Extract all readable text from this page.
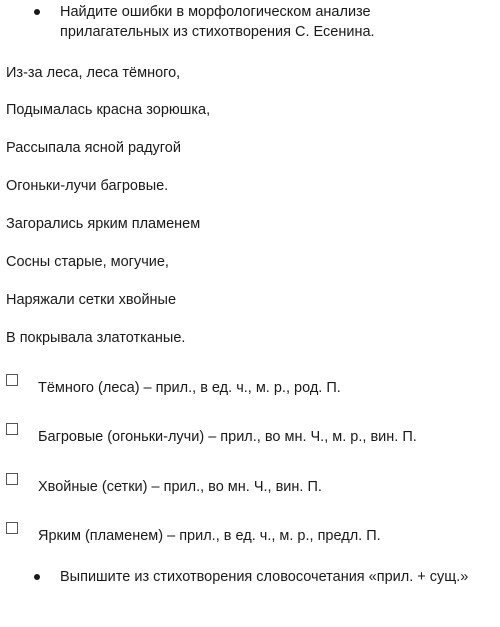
Найдите ошибки в морфологическом анализе прилагательных из стихотворения С. Есенина.
Из-за леса, леса тёмного,
Подымалась красна зорюшка,
Рассыпала ясной радугой
Огоньки-лучи багровые.
Загорались ярким пламенем
Сосны старые, могучие,
Наряжали сетки хвойные
В покрывала златотканые.
Тёмного (леса) – прил., в ед. ч., м. р., род. П.
Багровые (огоньки-лучи) – прил., во мн. Ч., м. р., вин. П.
Хвойные (сетки) – прил., во мн. Ч., вин. П.
Ярким (пламенем) – прил., в ед. ч., м. р., предл. П.
Выпишите из стихотворения словосочетания «прил. + сущ.»
